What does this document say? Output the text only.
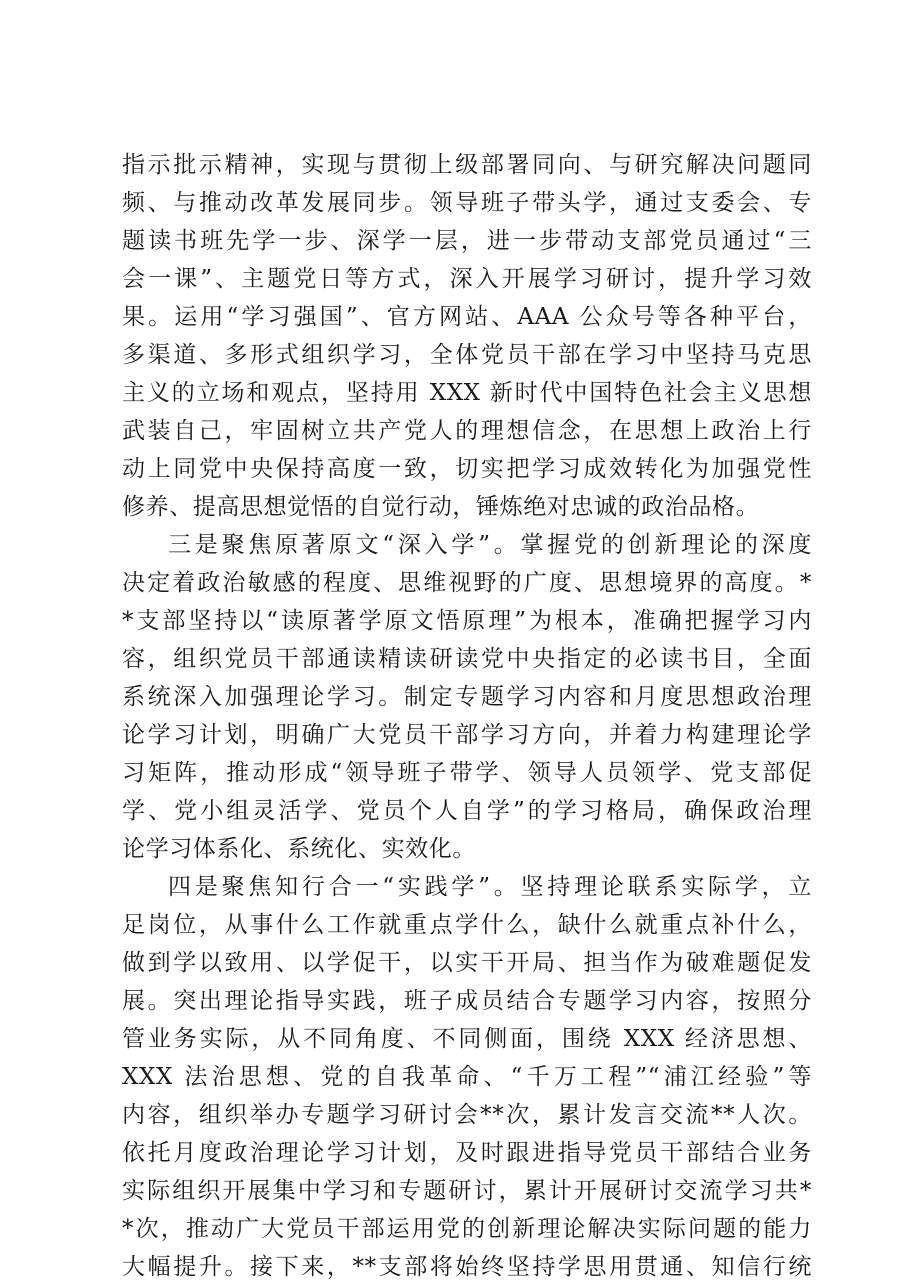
指示批示精神，实现与贯彻上级部署同向、与研究解决问题同
频、与推动改革发展同步。领导班子带头学，通过支委会、专
题读书班先学一步、深学一层，进一步带动支部党员通过“三
会一课”、主题党日等方式，深入开展学习研讨，提升学习效
果。运用“学习强国”、官方网站、AAA 公众号等各种平台，
多渠道、多形式组织学习，全体党员干部在学习中坚持马克思
主义的立场和观点，坚持用 XXX 新时代中国特色社会主义思想
武装自己，牢固树立共产党人的理想信念，在思想上政治上行
动上同党中央保持高度一致，切实把学习成效转化为加强党性
修养、提高思想觉悟的自觉行动，锤炼绝对忠诚的政治品格。
三是聚焦原著原文“深入学”。掌握党的创新理论的深度
决定着政治敏感的程度、思维视野的广度、思想境界的高度。*
*支部坚持以“读原著学原文悟原理”为根本，准确把握学习内
容，组织党员干部通读精读研读党中央指定的必读书目，全面
系统深入加强理论学习。制定专题学习内容和月度思想政治理
论学习计划，明确广大党员干部学习方向，并着力构建理论学
习矩阵，推动形成“领导班子带学、领导人员领学、党支部促
学、党小组灵活学、党员个人自学”的学习格局，确保政治理
论学习体系化、系统化、实效化。
四是聚焦知行合一“实践学”。坚持理论联系实际学，立
足岗位，从事什么工作就重点学什么，缺什么就重点补什么，
做到学以致用、以学促干，以实干开局、担当作为破难题促发
展。突出理论指导实践，班子成员结合专题学习内容，按照分
管业务实际，从不同角度、不同侧面，围绕 XXX 经济思想、
XXX 法治思想、党的自我革命、“千万工程”“浦江经验”等
内容，组织举办专题学习研讨会**次，累计发言交流**人次。
依托月度政治理论学习计划，及时跟进指导党员干部结合业务
实际组织开展集中学习和专题研讨，累计开展研讨交流学习共*
*次，推动广大党员干部运用党的创新理论解决实际问题的能力
大幅提升。接下来，**支部将始终坚持学思用贯通、知信行统
